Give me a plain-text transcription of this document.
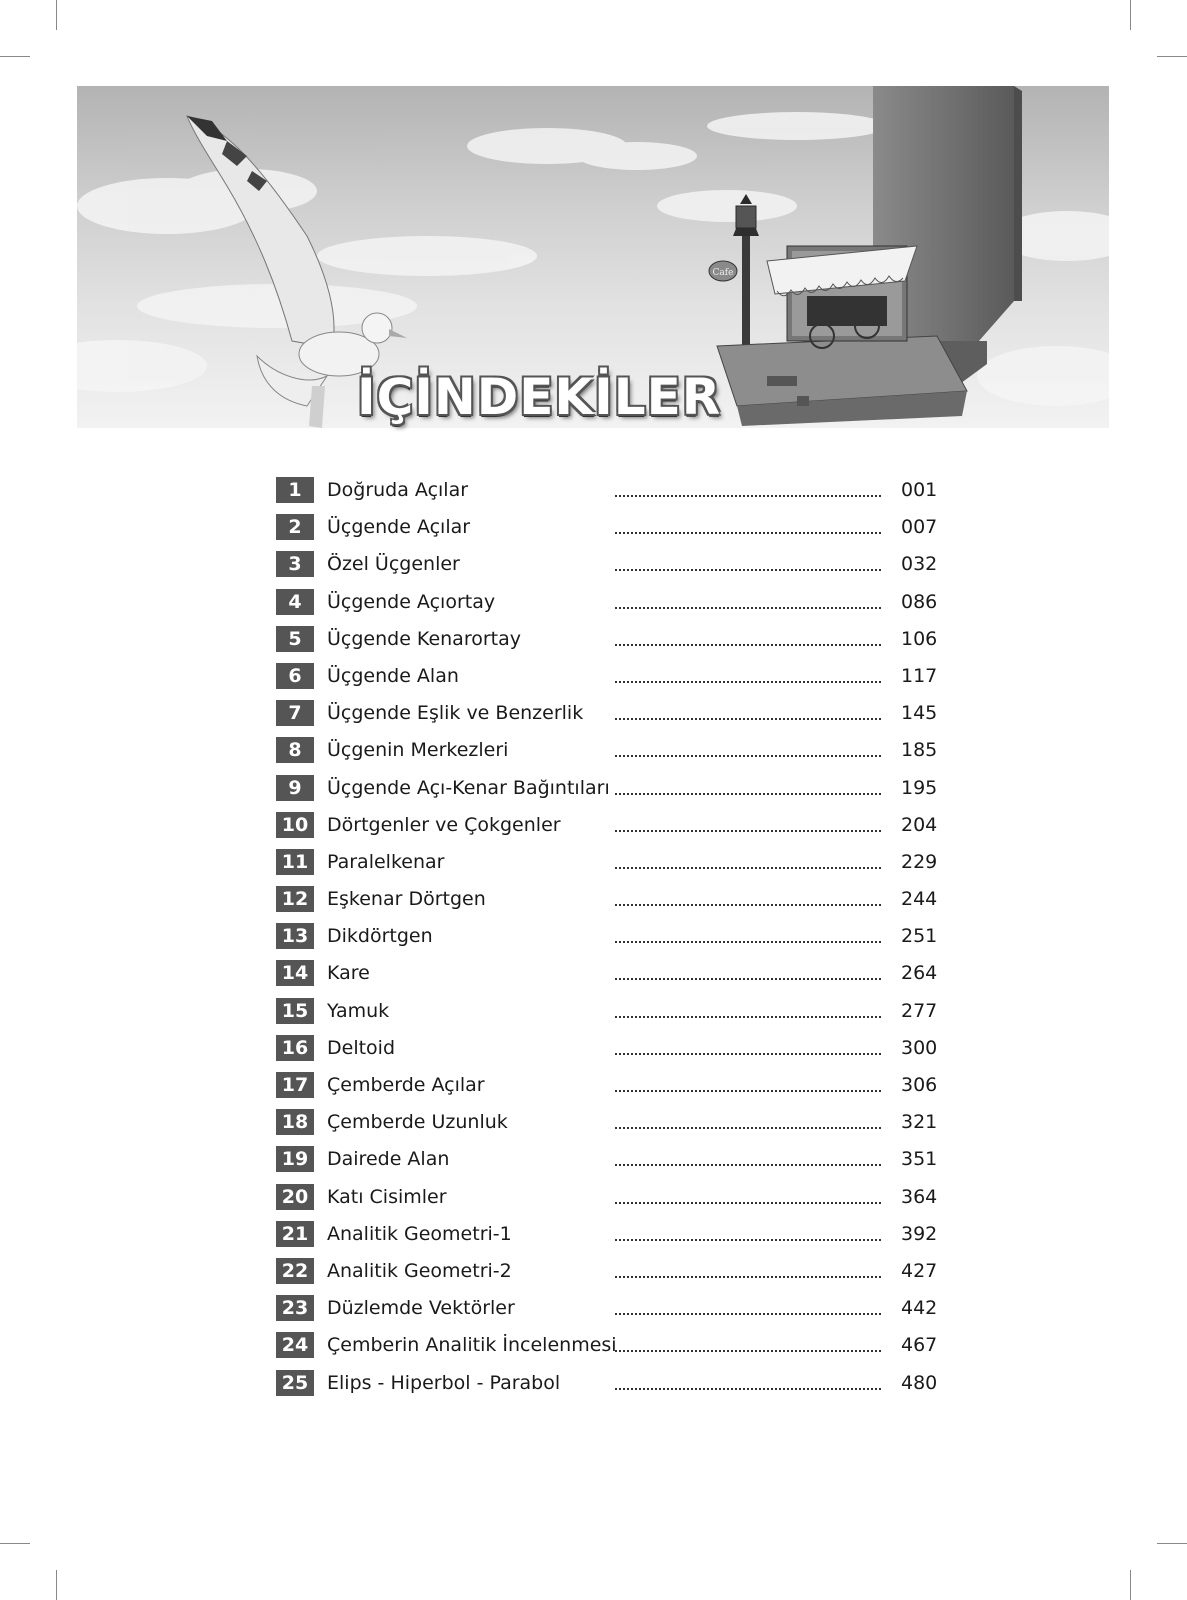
Cafe
İÇİNDEKİLER
1	Doğruda Açılar	001
2	Üçgende Açılar	007
3	Özel Üçgenler	032
4	Üçgende Açıortay	086
5	Üçgende Kenarortay	106
6	Üçgende Alan	117
7	Üçgende Eşlik ve Benzerlik	145
8	Üçgenin Merkezleri	185
9	Üçgende Açı-Kenar Bağıntıları	195
10 Dörtgenler ve Çokgenler	204
11 Paralelkenar	229
12 Eşkenar Dörtgen	244
13 Dikdörtgen	251
14 Kare	264
15 Yamuk	277
16 Deltoid	300
17 Çemberde Açılar	306
18 Çemberde Uzunluk	321
19 Dairede Alan	351
20 Katı Cisimler	364
21 Analitik Geometri-1	392
22 Analitik Geometri-2	427
23 Düzlemde Vektörler	442
24 Çemberin Analitik İncelenmesi	467
25 Elips - Hiperbol - Parabol	480
